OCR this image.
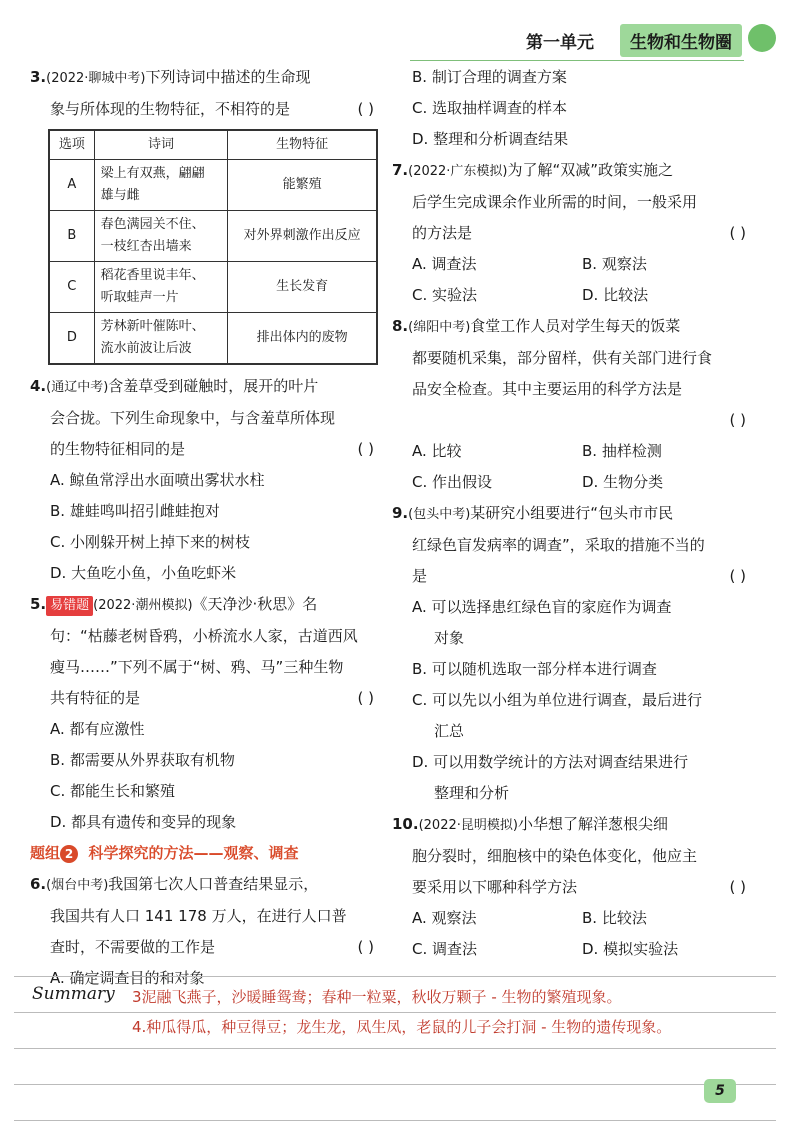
第一单元	生物和生物圈
3.(2022·聊城中考)下列诗词中描述的生命现
象与所体现的生物特征，不相符的是	( )
选项	诗词	生物特征
A	梁上有双燕，翩翩
雄与雌	能繁殖
B	春色满园关不住、
一枝红杏出墙来	对外界刺激作出反应
C	稻花香里说丰年、
听取蛙声一片	生长发育
D	芳林新叶催陈叶、
流水前波让后波	排出体内的废物
4.(通辽中考)含羞草受到碰触时，展开的叶片
会合拢。下列生命现象中，与含羞草所体现
的生物特征相同的是	( )
A. 鲸鱼常浮出水面喷出雾状水柱
B. 雄蛙鸣叫招引雌蛙抱对
C. 小刚躲开树上掉下来的树枝
D. 大鱼吃小鱼，小鱼吃虾米
5. 易错题 (2022·潮州模拟)《天净沙·秋思》名
句：“枯藤老树昏鸦，小桥流水人家，古道西风
瘦马……”下列不属于“树、鸦、马”三种生物
共有特征的是	( )
A. 都有应激性
B. 都需要从外界获取有机物
C. 都能生长和繁殖
D. 都具有遗传和变异的现象
题组 2 科学探究的方法——观察、调查
6.(烟台中考)我国第七次人口普查结果显示，
我国共有人口 141 178 万人，在进行人口普
查时，不需要做的工作是	( )
A. 确定调查目的和对象
B. 制订合理的调查方案
C. 选取抽样调查的样本
D. 整理和分析调查结果
7.(2022·广东模拟)为了解“双减”政策实施之
后学生完成课余作业所需的时间，一般采用
的方法是	( )
A. 调查法	B. 观察法
C. 实验法	D. 比较法
8.(绵阳中考)食堂工作人员对学生每天的饭菜
都要随机采集，部分留样，供有关部门进行食
品安全检查。其中主要运用的科学方法是
( )

A. 比较	B. 抽样检测
C. 作出假设	D. 生物分类
9.(包头中考)某研究小组要进行“包头市市民
红绿色盲发病率的调查”，采取的措施不当的
是	( )
A. 可以选择患红绿色盲的家庭作为调查
对象
B. 可以随机选取一部分样本进行调查
C. 可以先以小组为单位进行调查，最后进行
汇总
D. 可以用数学统计的方法对调查结果进行
整理和分析
10.(2022·昆明模拟)小华想了解洋葱根尖细
胞分裂时，细胞核中的染色体变化，他应主
要采用以下哪种科学方法	( )
A. 观察法	B. 比较法
C. 调查法	D. 模拟实验法
Summary 3泥融飞燕子，沙暖睡鸳鸯；春种一粒粟，秋收万颗子 - 生物的繁殖现象。
4.种瓜得瓜，种豆得豆；龙生龙，凤生凤，老鼠的儿子会打洞 - 生物的遗传现象。
5
